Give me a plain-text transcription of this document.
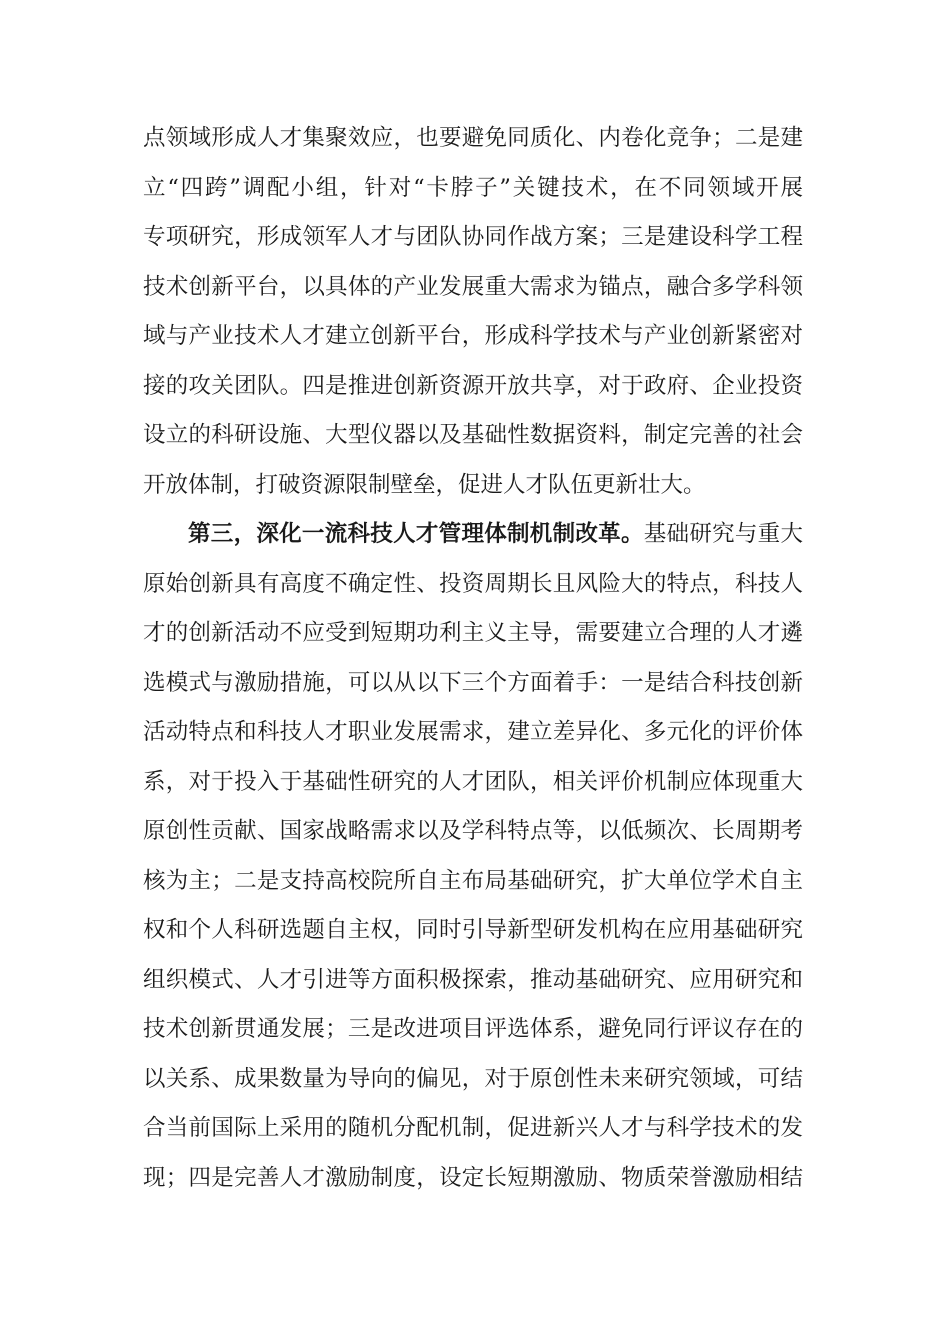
点领域形成人才集聚效应，也要避免同质化、内卷化竞争；二是建
立“四跨”调配小组，针对“卡脖子”关键技术，在不同领域开展
专项研究，形成领军人才与团队协同作战方案；三是建设科学工程
技术创新平台，以具体的产业发展重大需求为锚点，融合多学科领
域与产业技术人才建立创新平台，形成科学技术与产业创新紧密对
接的攻关团队。四是推进创新资源开放共享，对于政府、企业投资
设立的科研设施、大型仪器以及基础性数据资料，制定完善的社会
开放体制，打破资源限制壁垒，促进人才队伍更新壮大。
第三，深化一流科技人才管理体制机制改革。基础研究与重大
原始创新具有高度不确定性、投资周期长且风险大的特点，科技人
才的创新活动不应受到短期功利主义主导，需要建立合理的人才遴
选模式与激励措施，可以从以下三个方面着手：一是结合科技创新
活动特点和科技人才职业发展需求，建立差异化、多元化的评价体
系，对于投入于基础性研究的人才团队，相关评价机制应体现重大
原创性贡献、国家战略需求以及学科特点等，以低频次、长周期考
核为主；二是支持高校院所自主布局基础研究，扩大单位学术自主
权和个人科研选题自主权，同时引导新型研发机构在应用基础研究
组织模式、人才引进等方面积极探索，推动基础研究、应用研究和
技术创新贯通发展；三是改进项目评选体系，避免同行评议存在的
以关系、成果数量为导向的偏见，对于原创性未来研究领域，可结
合当前国际上采用的随机分配机制，促进新兴人才与科学技术的发
现；四是完善人才激励制度，设定长短期激励、物质荣誉激励相结
